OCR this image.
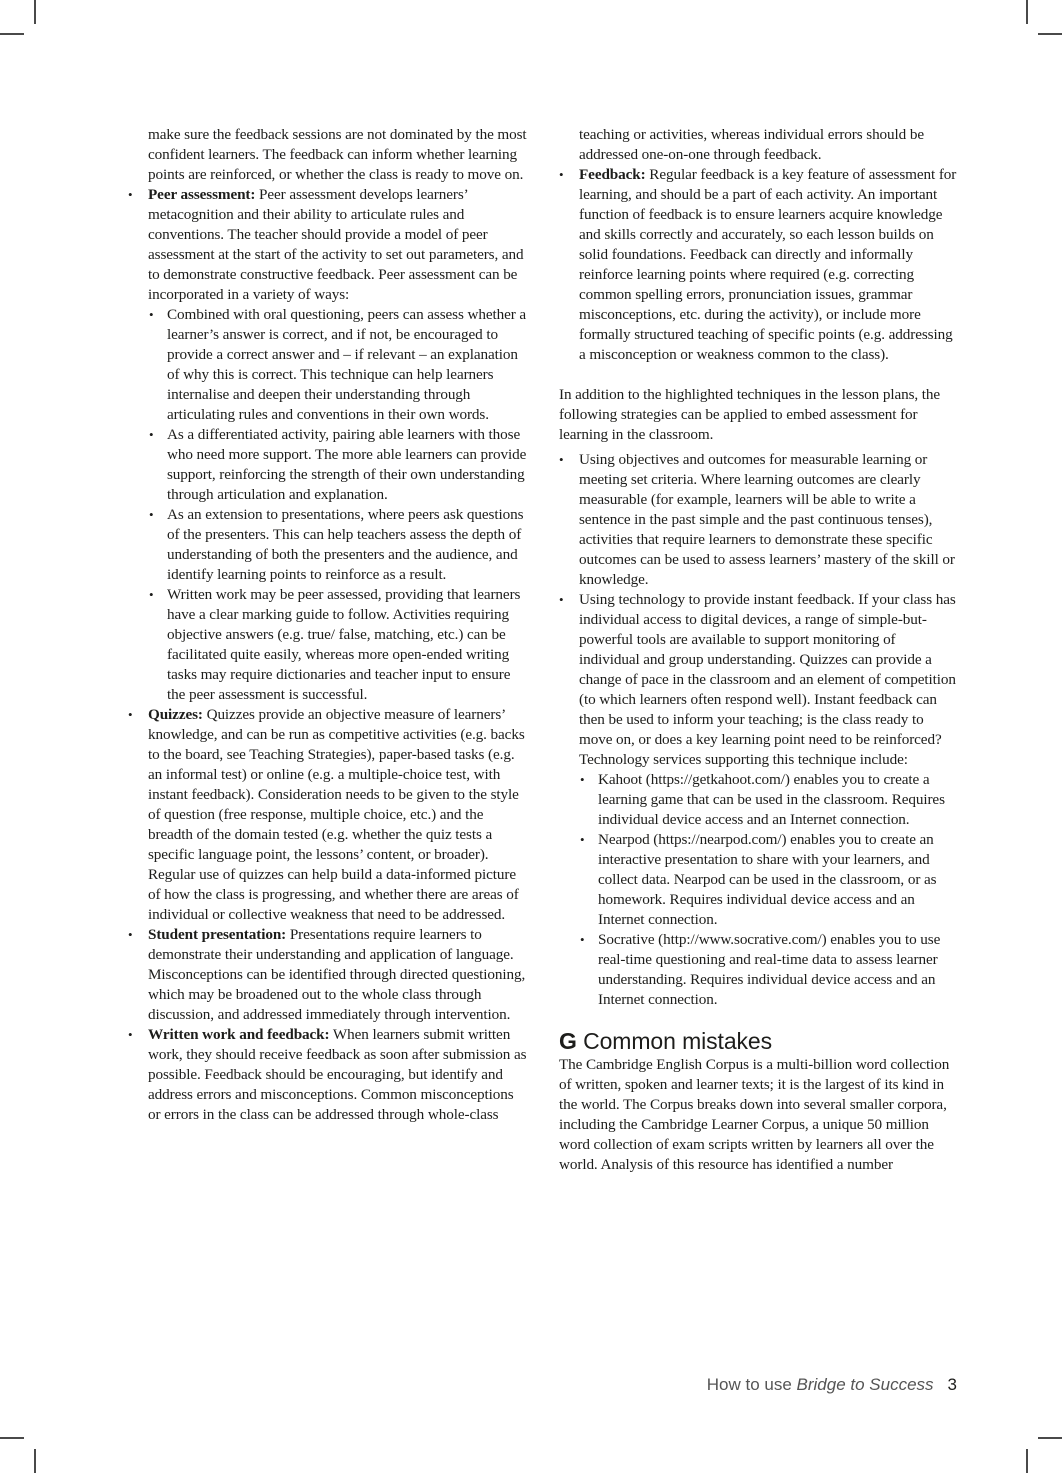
make sure the feedback sessions are not dominated by the most confident learners. The feedback can inform whether learning points are reinforced, or whether the class is ready to move on.

• Peer assessment: Peer assessment develops learners’ metacognition and their ability to articulate rules and conventions. The teacher should provide a model of peer assessment at the start of the activity to set out parameters, and to demonstrate constructive feedback. Peer assessment can be incorporated in a variety of ways:
• Combined with oral questioning, peers can assess whether a learner’s answer is correct, and if not, be encouraged to provide a correct answer and – if relevant – an explanation of why this is correct. This technique can help learners internalise and deepen their understanding through articulating rules and conventions in their own words.
• As a differentiated activity, pairing able learners with those who need more support. The more able learners can provide support, reinforcing the strength of their own understanding through articulation and explanation.
• As an extension to presentations, where peers ask questions of the presenters. This can help teachers assess the depth of understanding of both the presenters and the audience, and identify learning points to reinforce as a result.
• Written work may be peer assessed, providing that learners have a clear marking guide to follow. Activities requiring objective answers (e.g. true/ false, matching, etc.) can be facilitated quite easily, whereas more open-ended writing tasks may require dictionaries and teacher input to ensure the peer assessment is successful.
• Quizzes: Quizzes provide an objective measure of learners’ knowledge, and can be run as competitive activities (e.g. backs to the board, see Teaching Strategies), paper-based tasks (e.g. an informal test) or online (e.g. a multiple-choice test, with instant feedback). Consideration needs to be given to the style of question (free response, multiple choice, etc.) and the breadth of the domain tested (e.g. whether the quiz tests a specific language point, the lessons’ content, or broader). Regular use of quizzes can help build a data-informed picture of how the class is progressing, and whether there are areas of individual or collective weakness that need to be addressed.
• Student presentation: Presentations require learners to demonstrate their understanding and application of language. Misconceptions can be identified through directed questioning, which may be broadened out to the whole class through discussion, and addressed immediately through intervention.
• Written work and feedback: When learners submit written work, they should receive feedback as soon after submission as possible. Feedback should be encouraging, but identify and address errors and misconceptions. Common misconceptions or errors in the class can be addressed through whole-class

teaching or activities, whereas individual errors should be addressed one-on-one through feedback.

• Feedback: Regular feedback is a key feature of assessment for learning, and should be a part of each activity. An important function of feedback is to ensure learners acquire knowledge and skills correctly and accurately, so each lesson builds on solid foundations. Feedback can directly and informally reinforce learning points where required (e.g. correcting common spelling errors, pronunciation issues, grammar misconceptions, etc. during the activity), or include more formally structured teaching of specific points (e.g. addressing a misconception or weakness common to the class).

In addition to the highlighted techniques in the lesson plans, the following strategies can be applied to embed assessment for learning in the classroom.

• Using objectives and outcomes for measurable learning or meeting set criteria. Where learning outcomes are clearly measurable (for example, learners will be able to write a sentence in the past simple and the past continuous tenses), activities that require learners to demonstrate these specific outcomes can be used to assess learners’ mastery of the skill or knowledge.
• Using technology to provide instant feedback. If your class has individual access to digital devices, a range of simple-but-powerful tools are available to support monitoring of individual and group understanding. Quizzes can provide a change of pace in the classroom and an element of competition (to which learners often respond well). Instant feedback can then be used to inform your teaching; is the class ready to move on, or does a key learning point need to be reinforced? Technology services supporting this technique include:
• Kahoot (https://getkahoot.com/) enables you to create a learning game that can be used in the classroom. Requires individual device access and an Internet connection.
• Nearpod (https://nearpod.com/) enables you to create an interactive presentation to share with your learners, and collect data. Nearpod can be used in the classroom, or as homework. Requires individual device access and an Internet connection.
• Socrative (http://www.socrative.com/) enables you to use real-time questioning and real-time data to assess learner understanding. Requires individual device access and an Internet connection.
G Common mistakes

The Cambridge English Corpus is a multi-billion word collection of written, spoken and learner texts; it is the largest of its kind in the world. The Corpus breaks down into several smaller corpora, including the Cambridge Learner Corpus, a unique 50 million word collection of exam scripts written by learners all over the world. Analysis of this resource has identified a number

How to use Bridge to Success 3
